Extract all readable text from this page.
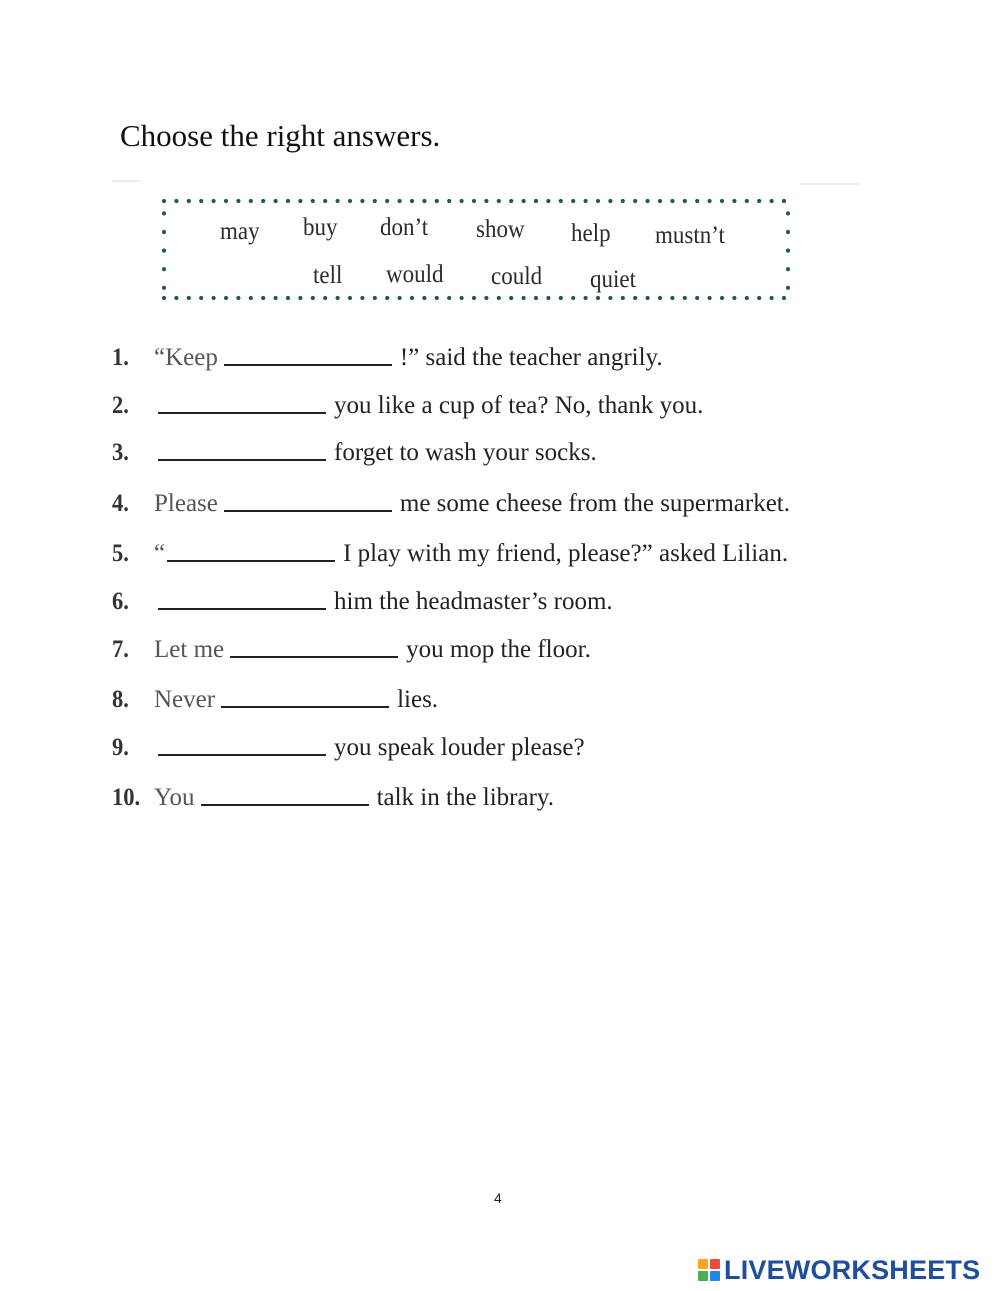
Choose the right answers.
may buy don’t show help mustn’t
tell would could quiet
1.	“Keep	!” said the teacher angrily.
2.	you like a cup of tea? No, thank you.
3.	forget to wash your socks.
4.	Please	me some cheese from the supermarket.
5.	“	I play with my friend, please?” asked Lilian.
6.	him the headmaster’s room.
7.	Let me	you mop the floor.
8.	Never	lies.
9.	you speak louder please?
10. You	talk in the library.
4
LIVEWORKSHEETS
